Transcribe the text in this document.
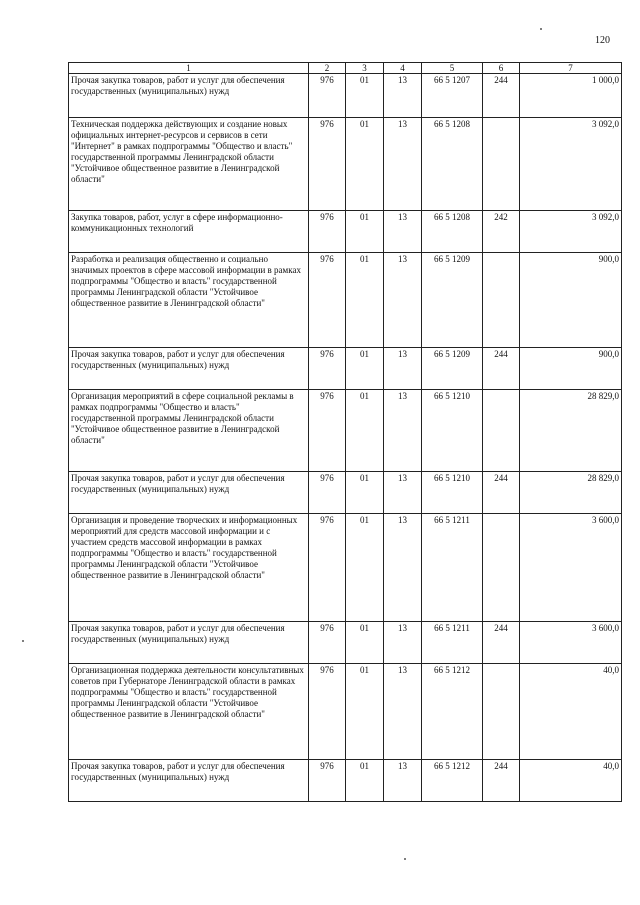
120
1	2	3	4	5	6	7
Прочая закупка товаров, работ и услуг для обеспечения государственных (муниципальных) нужд	976	01	13	66 5 1207	244	1 000,0
Техническая поддержка действующих и создание новых официальных интернет-ресурсов и сервисов в сети "Интернет" в рамках подпрограммы "Общество и власть" государственной программы Ленинградской области "Устойчивое общественное развитие в Ленинградской области"	976	01	13	66 5 1208		3 092,0
Закупка товаров, работ, услуг в сфере информационно-коммуникационных технологий	976	01	13	66 5 1208	242	3 092,0
Разработка и реализация общественно и социально значимых проектов в сфере массовой информации в рамках подпрограммы "Общество и власть" государственной программы Ленинградской области "Устойчивое общественное развитие в Ленинградской области"	976	01	13	66 5 1209		900,0
Прочая закупка товаров, работ и услуг для обеспечения государственных (муниципальных) нужд	976	01	13	66 5 1209	244	900,0
Организация мероприятий в сфере социальной рекламы в рамках подпрограммы "Общество и власть" государственной программы Ленинградской области "Устойчивое общественное развитие в Ленинградской области"	976	01	13	66 5 1210		28 829,0
Прочая закупка товаров, работ и услуг для обеспечения государственных (муниципальных) нужд	976	01	13	66 5 1210	244	28 829,0
Организация и проведение творческих и информационных мероприятий для средств массовой информации и с участием средств массовой информации в рамках подпрограммы "Общество и власть" государственной программы Ленинградской области "Устойчивое общественное развитие в Ленинградской области"	976	01	13	66 5 1211		3 600,0
Прочая закупка товаров, работ и услуг для обеспечения государственных (муниципальных) нужд	976	01	13	66 5 1211	244	3 600,0
Организационная поддержка деятельности консультативных советов при Губернаторе Ленинградской области в рамках подпрограммы "Общество и власть" государственной программы Ленинградской области "Устойчивое общественное развитие в Ленинградской области"	976	01	13	66 5 1212		40,0
Прочая закупка товаров, работ и услуг для обеспечения государственных (муниципальных) нужд	976	01	13	66 5 1212	244	40,0
